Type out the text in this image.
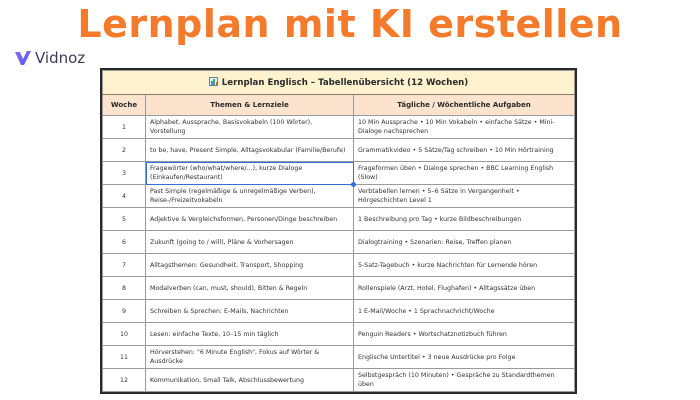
Lernplan mit KI erstellen
Vidnoz
Lernplan Englisch – Tabellenübersicht (12 Wochen)		
Woche	Themen & Lernziele	Tägliche / Wöchentliche Aufgaben
1	Alphabet, Aussprache, Basisvokabeln (100 Wörter), Vorstellung	10 Min Aussprache • 10 Min Vokabeln • einfache Sätze • Mini-Dialoge nachsprechen
2	to be, have, Present Simple, Alltagsvokabular (Familie/Berufe)	Grammatikvideo • 5 Sätze/Tag schreiben • 10 Min Hörtraining
3	Fragewörter (who/what/where/...), kurze Dialoge (Einkaufen/Restaurant)	Frageformen üben • Dialoge sprechen • BBC Learning English (Slow)
4	Past Simple (regelmäßige & unregelmäßige Verben), Reise-/Freizeitvokabeln	Verbtabellen lernen • 5–6 Sätze in Vergangenheit • Hörgeschichten Level 1
5	Adjektive & Vergleichsformen, Personen/Dinge beschreiben	1 Beschreibung pro Tag • kurze Bildbeschreibungen
6	Zukunft (going to / will), Pläne & Vorhersagen	Dialogtraining • Szenarien: Reise, Treffen planen
7	Alltagsthemen: Gesundheit, Transport, Shopping	5-Satz-Tagebuch • kurze Nachrichten für Lernende hören
8	Modalverben (can, must, should), Bitten & Regeln	Rollenspiele (Arzt, Hotel, Flughafen) • Alltagssätze üben
9	Schreiben & Sprechen: E-Mails, Nachrichten	1 E-Mail/Woche • 1 Sprachnachricht/Woche
10	Lesen: einfache Texte, 10–15 min täglich	Penguin Readers • Wortschatznotizbuch führen
11	Hörverstehen: "6 Minute English", Fokus auf Wörter & Ausdrücke	Englische Untertitel • 3 neue Ausdrücke pro Folge
12	Kommunikation, Small Talk, Abschlussbewertung	Selbstgespräch (10 Minuten) • Gespräche zu Standardthemen üben
